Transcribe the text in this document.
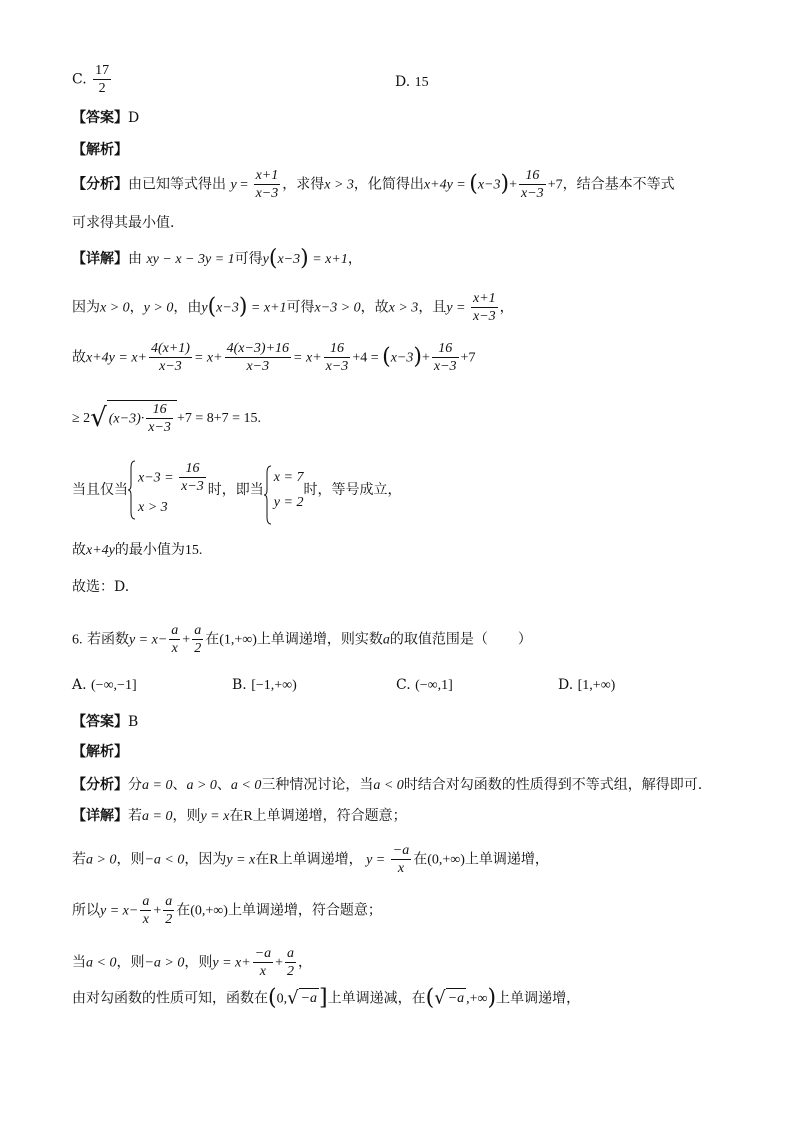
C. $\frac{17}{2}$	D. 15
【答案】D
【解析】
【分析】由已知等式得出 $y = \frac{x+1}{x-3}$ ，求得x > 3，化简得出$x+4y = (x-3)+ \frac{16}{x-3} +7$，结合基本不等式
可求得其最小值.
【详解】由 xy − x − 3y = 1可得y(x−3) = x+1，
因为x > 0，y > 0，由y(x−3) = x+1可得x−3 > 0，故x > 3，且$y = \frac{x+1}{x-3}$ ，
故$x+4y = x+ \frac{4(x+1)}{x-3} = x+ \frac{4(x-3)+16}{x-3} = x+ \frac{16}{x-3} +4 = (x-3)+ \frac{16}{x-3} +7$
≥ 2√ $(x-3)\cdot \frac{16}{x-3} +7 = 8+7 = 15$.
当且仅当
$x-3 = \frac{16}{x-3}$
x > 3
时，即当
x = 7
y = 2
时，等号成立，
故x+4y的最小值为15.
故选：D.
6. 若函数$y = x- \frac{a}{x} + \frac{a}{2}$ 在(1,+∞)上单调递增，则实数a的取值范围是（ ）
A. (−∞,−1]	B. [−1,+∞)	C. (−∞,1]	D. [1,+∞)
【答案】B
【解析】
【分析】分a = 0、a > 0、a < 0三种情况讨论，当a < 0时结合对勾函数的性质得到不等式组，解得即可.
【详解】若a = 0，则y = x在R上单调递增，符合题意；
若a > 0，则−a < 0，因为y = x在R上单调递增， $y = \frac{-a}{x}$ 在(0,+∞)上单调递增，
所以$y = x- \frac{a}{x} + \frac{a}{2}$ 在(0,+∞)上单调递增，符合题意；
当a < 0，则−a > 0，则$y = x+ \frac{-a}{x} + \frac{a}{2}$ ，
由对勾函数的性质可知，函数在(0,√ −a]上单调递减，在(√ −a ,+∞)上单调递增，
